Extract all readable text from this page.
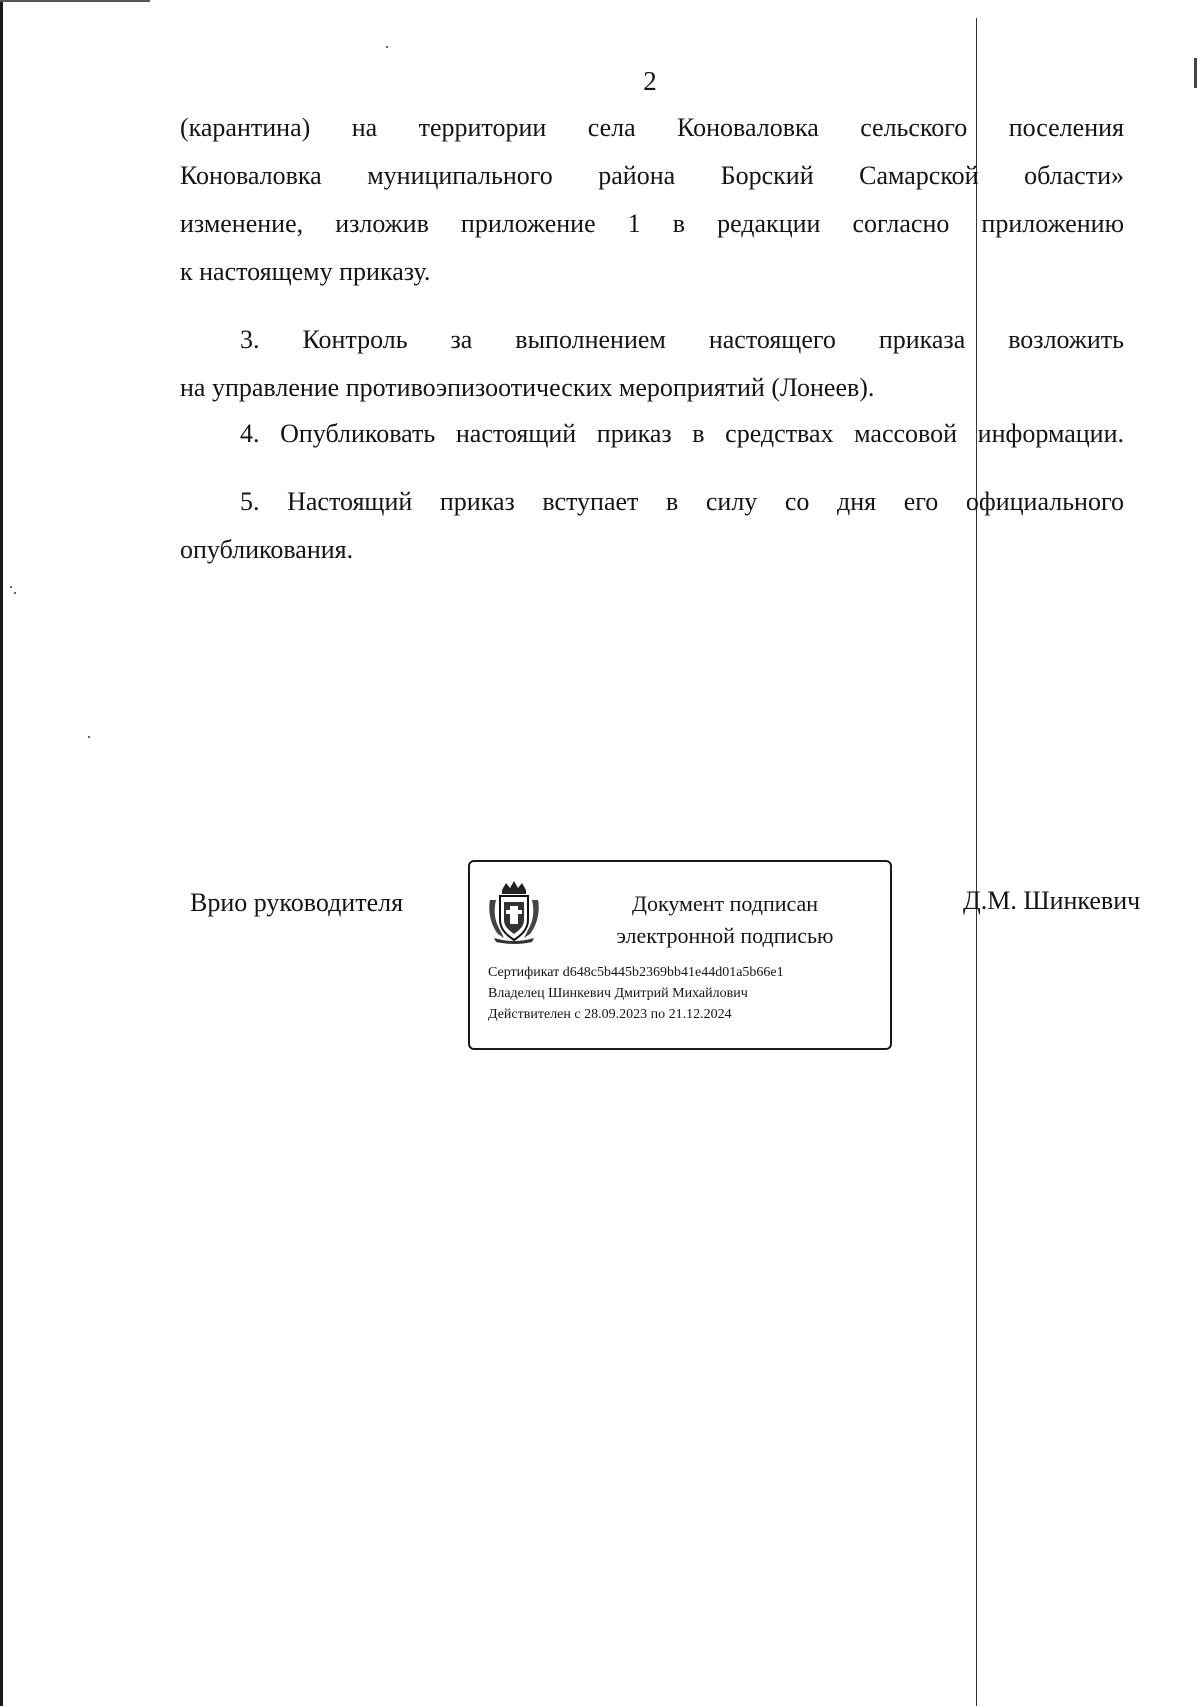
2
(карантина) на территории села Коноваловка сельского поселения
Коноваловка муниципального района Борский Самарской области»
изменение, изложив приложение 1 в редакции согласно приложению
к настоящему приказу.
3. Контроль за выполнением настоящего приказа возложить
на управление противоэпизоотических мероприятий (Лонеев).
4. Опубликовать настоящий приказ в средствах массовой информации.
5. Настоящий приказ вступает в силу со дня его официального
опубликования.
Врио руководителя	Документ подписан
электронной подписью
Сертификат d648c5b445b2369bb41e44d01a5b66e1
Владелец Шинкевич Дмитрий Михайлович
Действителен с 28.09.2023 по 21.12.2024
Д.М. Шинкевич
